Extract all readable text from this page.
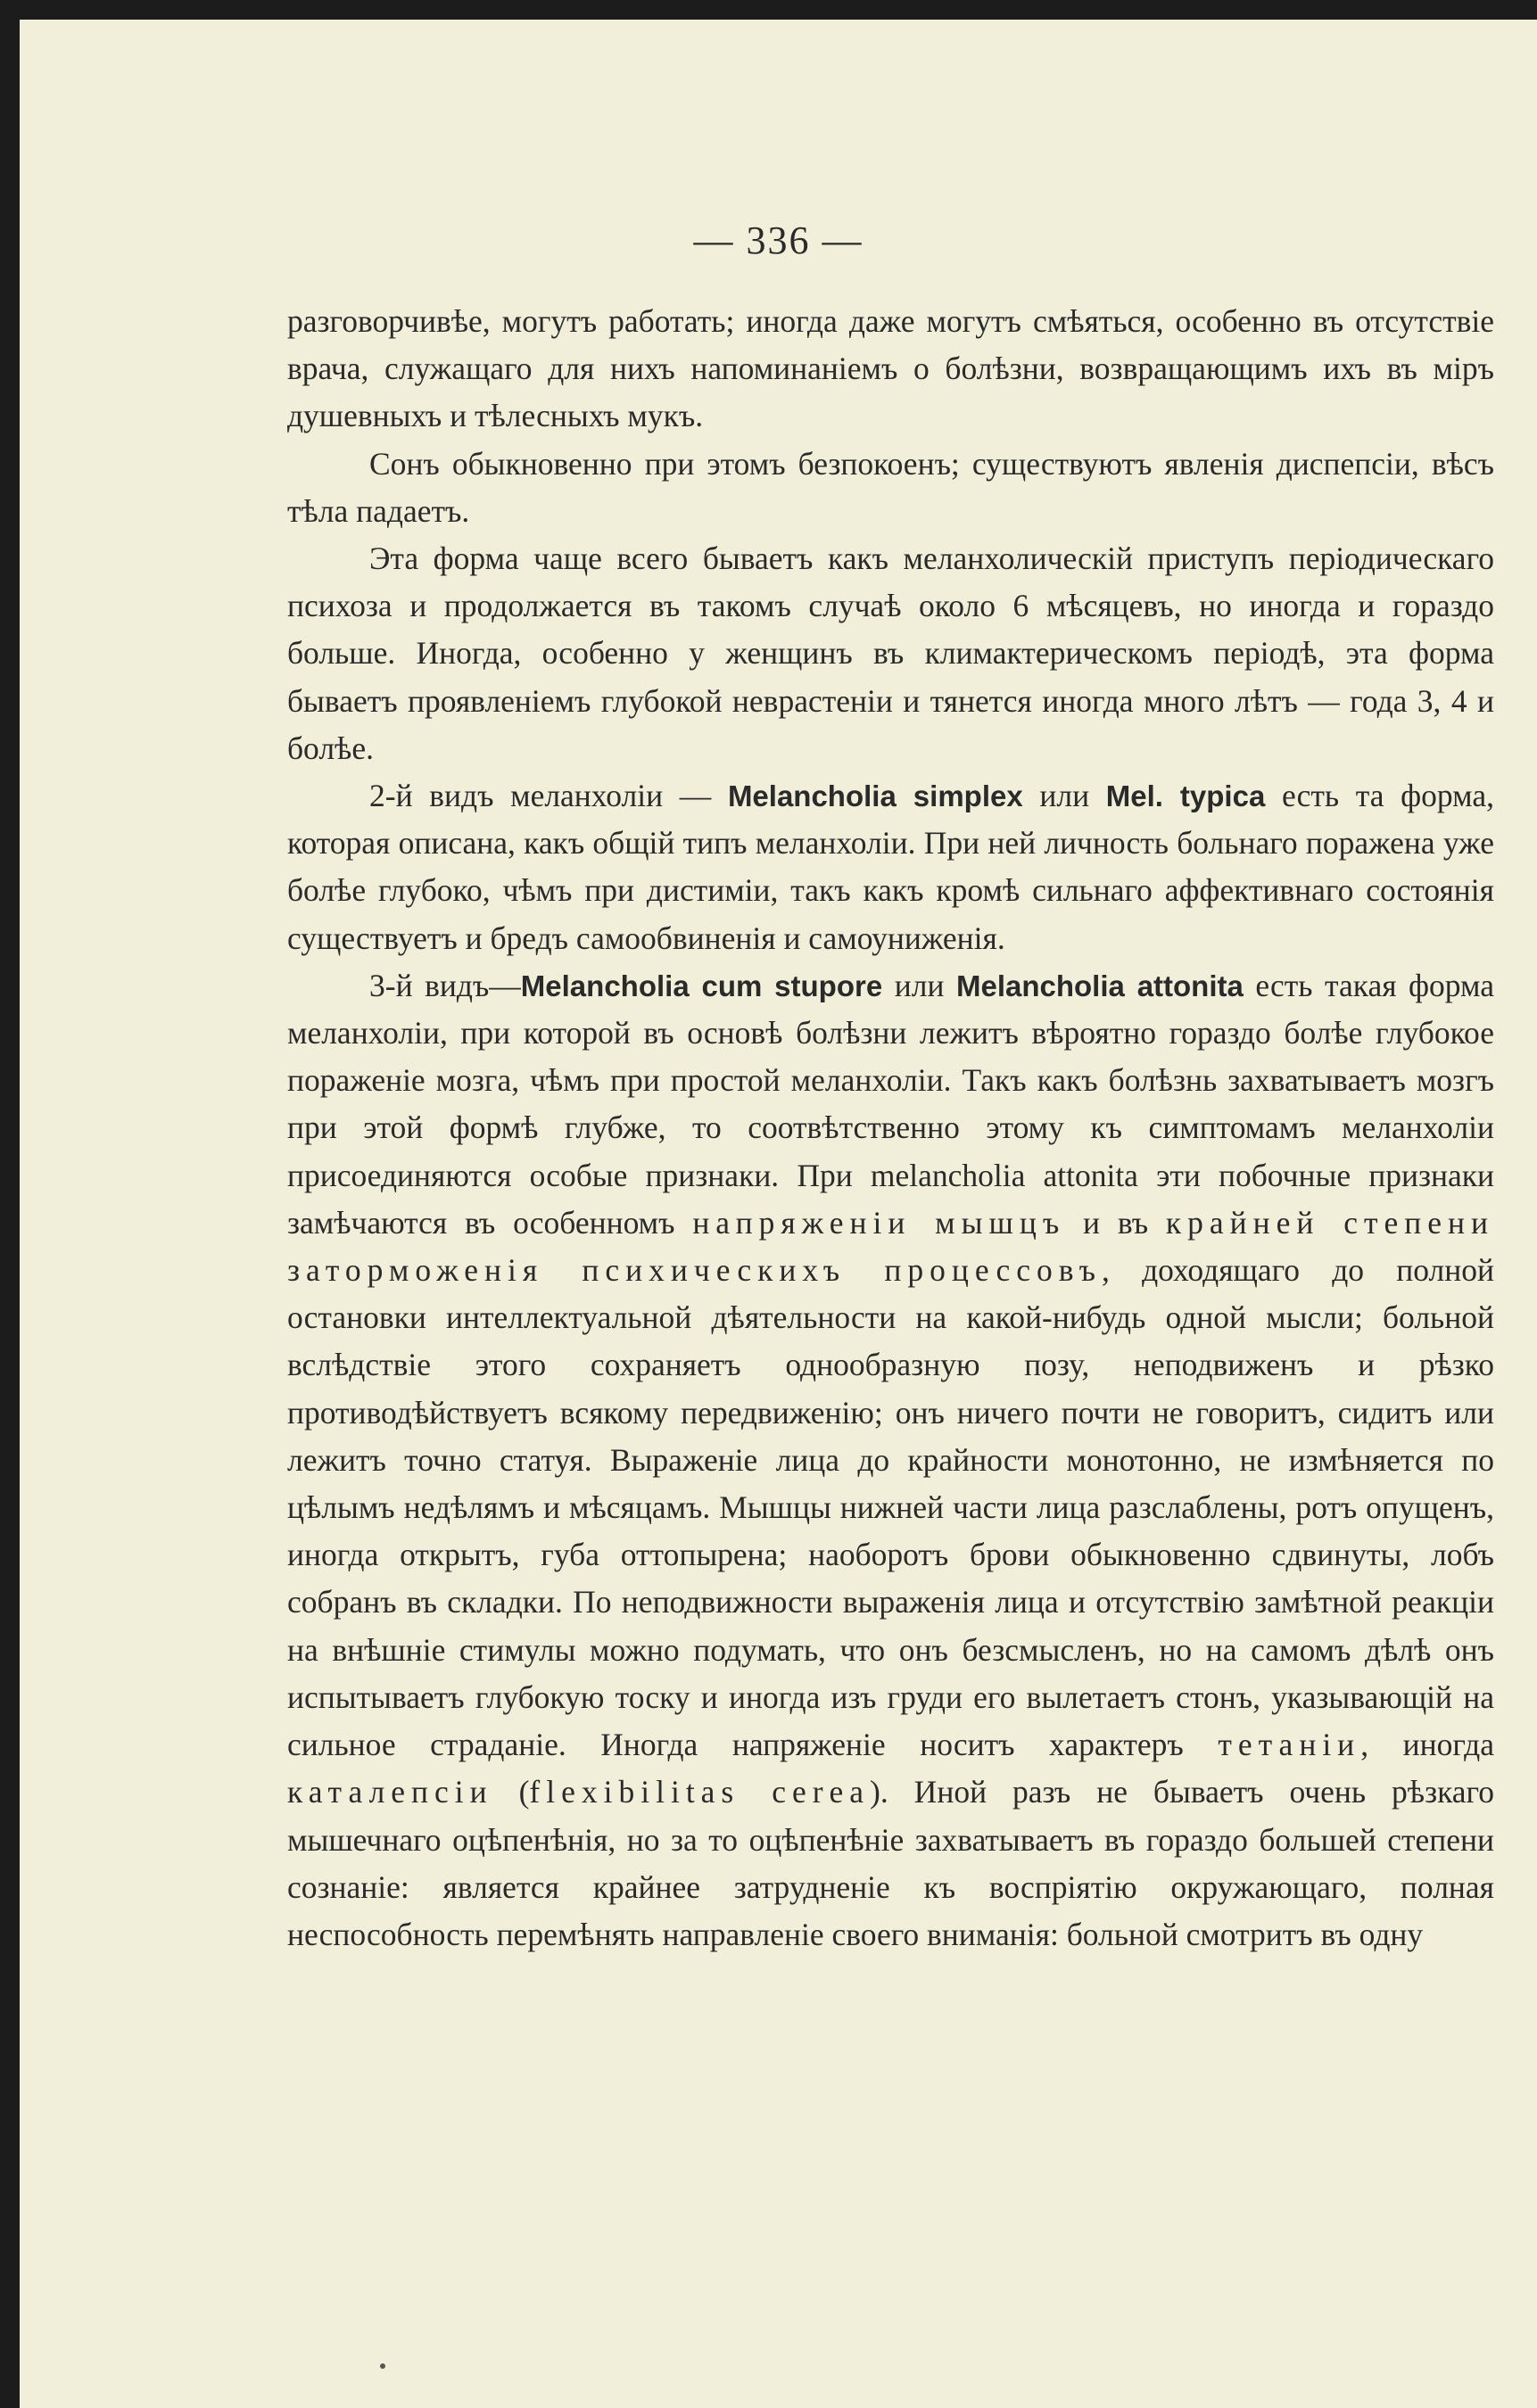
— 336 —

разговорчивѣе, могутъ работать; иногда даже могутъ смѣяться, особенно въ отсутствіе врача, служащаго для нихъ напоминаніемъ о болѣзни, возвращающимъ ихъ въ міръ душевныхъ и тѣлесныхъ мукъ.

Сонъ обыкновенно при этомъ безпокоенъ; существуютъ явленія диспепсіи, вѣсъ тѣла падаетъ.

Эта форма чаще всего бываетъ какъ меланхолическій приступъ періодическаго психоза и продолжается въ такомъ случаѣ около 6 мѣсяцевъ, но иногда и гораздо больше. Иногда, особенно у женщинъ въ климактерическомъ періодѣ, эта форма бываетъ проявленіемъ глубокой неврастеніи и тянется иногда много лѣтъ — года 3, 4 и болѣе.

2-й видъ меланхоліи — Melancholia simplex или Mel. typica есть та форма, которая описана, какъ общій типъ меланхоліи. При ней личность больнаго поражена уже болѣе глубоко, чѣмъ при дистиміи, такъ какъ кромѣ сильнаго аффективнаго состоянія существуетъ и бредъ самообвиненія и самоуниженія.

3-й видъ—Melancholia cum stupore или Melancholia attonita есть такая форма меланхоліи, при которой въ основѣ болѣзни лежитъ вѣроятно гораздо болѣе глубокое пораженіе мозга, чѣмъ при простой меланхоліи. Такъ какъ болѣзнь захватываетъ мозгъ при этой формѣ глубже, то соотвѣтственно этому къ симптомамъ меланхоліи присоединяются особые признаки. При melancholia attonita эти побочные признаки замѣчаются въ особенномъ напряженіи мышцъ и въ крайней степени заторможенія психическихъ процессовъ, доходящаго до полной остановки интеллектуальной дѣятельности на какой-нибудь одной мысли; больной вслѣдствіе этого сохраняетъ однообразную позу, неподвиженъ и рѣзко противодѣйствуетъ всякому передвиженію; онъ ничего почти не говоритъ, сидитъ или лежитъ точно статуя. Выраженіе лица до крайности монотонно, не измѣняется по цѣлымъ недѣлямъ и мѣсяцамъ. Мышцы нижней части лица разслаблены, ротъ опущенъ, иногда открытъ, губа оттопырена; наоборотъ брови обыкновенно сдвинуты, лобъ собранъ въ складки. По неподвижности выраженія лица и отсутствію замѣтной реакціи на внѣшніе стимулы можно подумать, что онъ безсмысленъ, но на самомъ дѣлѣ онъ испытываетъ глубокую тоску и иногда изъ груди его вылетаетъ стонъ, указывающій на сильное страданіе. Иногда напряженіе носитъ характеръ тетаніи, иногда каталепсіи (flexibilitas cerea). Иной разъ не бываетъ очень рѣзкаго мышечнаго оцѣпенѣнія, но за то оцѣпенѣніе захватываетъ въ гораздо большей степени сознаніе: является крайнее затрудненіе къ воспріятію окружающаго, полная неспособность перемѣнять направленіе своего вниманія: больной смотритъ въ одну
